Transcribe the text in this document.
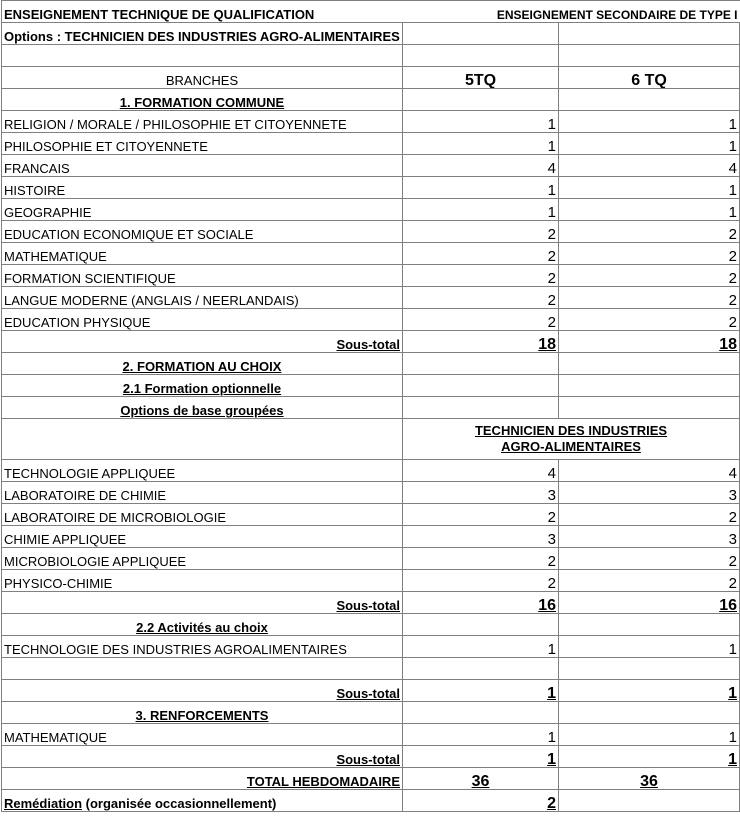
ENSEIGNEMENT TECHNIQUE DE QUALIFICATION	ENSEIGNEMENT SECONDAIRE DE TYPE I	
Options : TECHNICIEN DES INDUSTRIES AGRO-ALIMENTAIRES		

BRANCHES	5TQ	6 TQ
1. FORMATION COMMUNE		
RELIGION / MORALE / PHILOSOPHIE ET CITOYENNETE	1	1
PHILOSOPHIE ET CITOYENNETE	1	1
FRANCAIS	4	4
HISTOIRE	1	1
GEOGRAPHIE	1	1
EDUCATION ECONOMIQUE ET SOCIALE	2	2
MATHEMATIQUE	2	2
FORMATION SCIENTIFIQUE	2	2
LANGUE MODERNE (ANGLAIS / NEERLANDAIS)	2	2
EDUCATION PHYSIQUE	2	2
Sous-total	18	18
2. FORMATION AU CHOIX		
2.1 Formation optionnelle		
Options de base groupées		
	TECHNICIEN DES INDUSTRIES
AGRO-ALIMENTAIRES	
TECHNOLOGIE APPLIQUEE	4	4
LABORATOIRE DE CHIMIE	3	3
LABORATOIRE DE MICROBIOLOGIE	2	2
CHIMIE APPLIQUEE	3	3
MICROBIOLOGIE APPLIQUEE	2	2
PHYSICO-CHIMIE	2	2
Sous-total	16	16
2.2 Activités au choix		
TECHNOLOGIE DES INDUSTRIES AGROALIMENTAIRES	1	1

Sous-total	1	1
3. RENFORCEMENTS		
MATHEMATIQUE	1	1
Sous-total	1	1
TOTAL HEBDOMADAIRE	36	36
Remédiation (organisée occasionnellement)	2	
